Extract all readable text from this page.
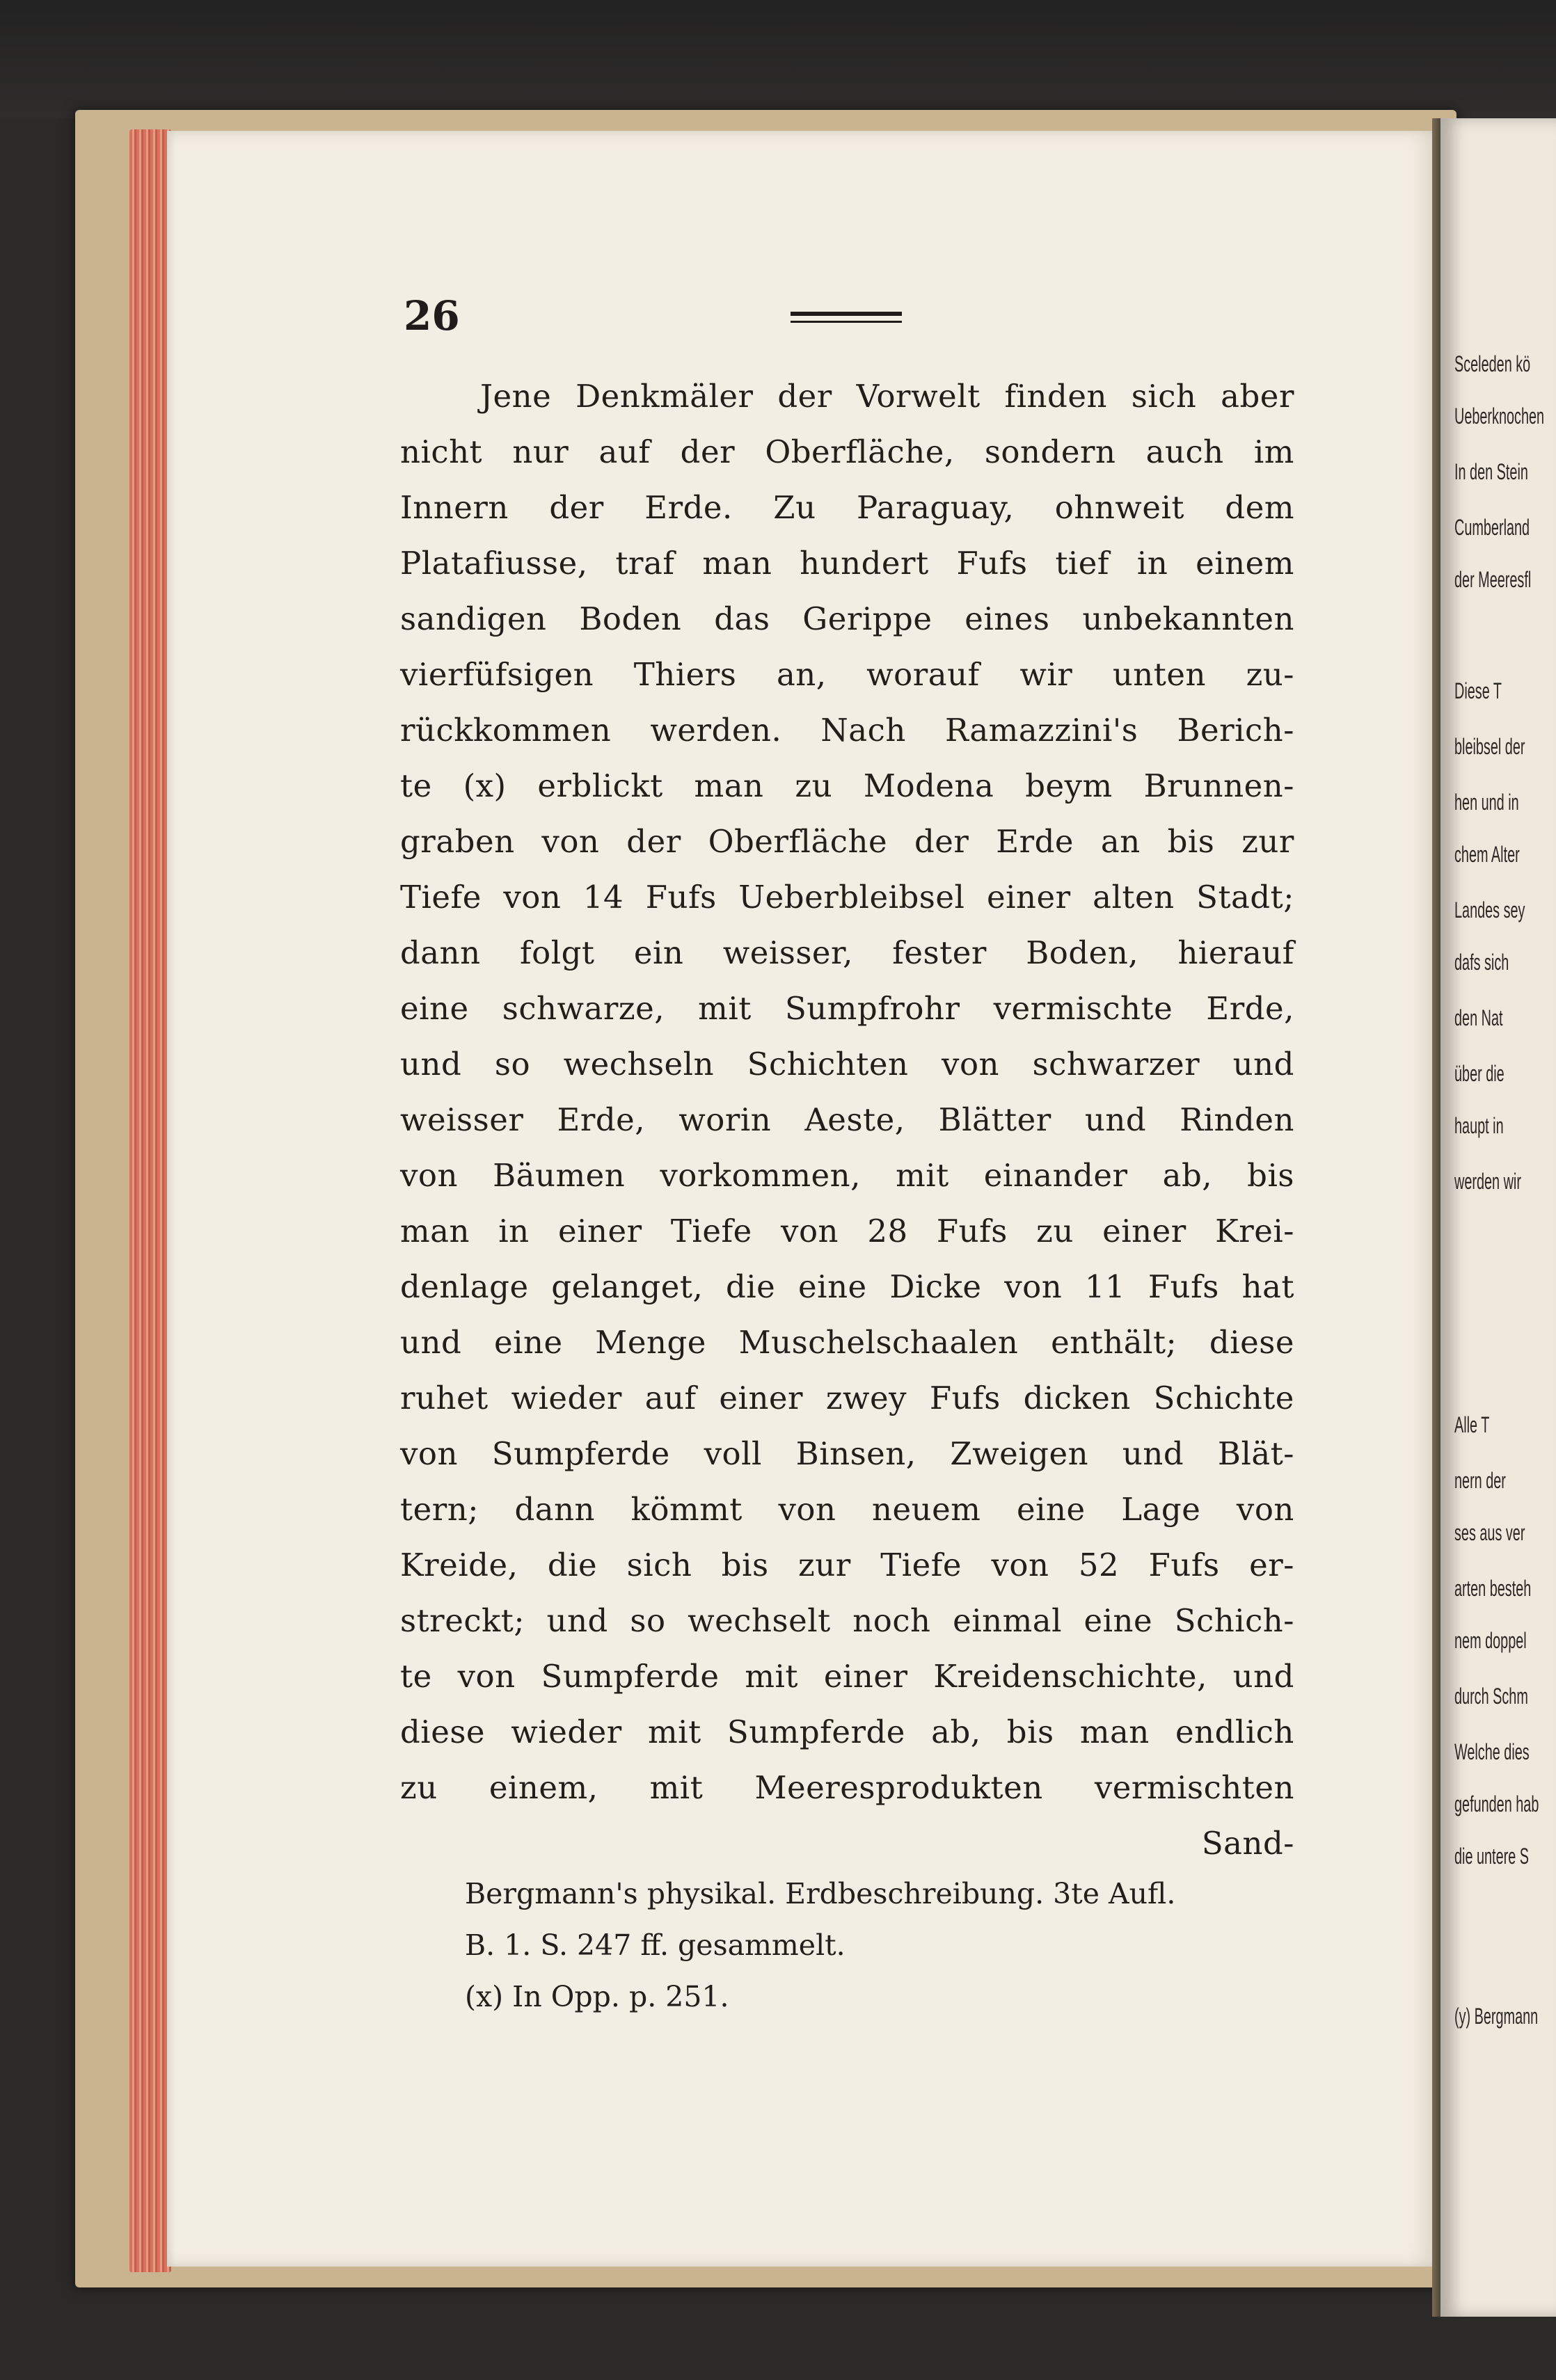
26
Jene Denkmäler der Vorwelt finden sich aber
nicht nur auf der Oberfläche, sondern auch im
Innern der Erde. Zu Paraguay, ohnweit dem
Platafiusse, traf man hundert Fufs tief in einem
sandigen Boden das Gerippe eines unbekannten
vierfüfsigen Thiers an, worauf wir unten zu-
rückkommen werden. Nach Ramazzini's Berich-
te (x) erblickt man zu Modena beym Brunnen-
graben von der Oberfläche der Erde an bis zur
Tiefe von 14 Fufs Ueberbleibsel einer alten Stadt;
dann folgt ein weisser, fester Boden, hierauf
eine schwarze, mit Sumpfrohr vermischte Erde,
und so wechseln Schichten von schwarzer und
weisser Erde, worin Aeste, Blätter und Rinden
von Bäumen vorkommen, mit einander ab, bis
man in einer Tiefe von 28 Fufs zu einer Krei-
denlage gelanget, die eine Dicke von 11 Fufs hat
und eine Menge Muschelschaalen enthält; diese
ruhet wieder auf einer zwey Fufs dicken Schichte
von Sumpferde voll Binsen, Zweigen und Blät-
tern; dann kömmt von neuem eine Lage von
Kreide, die sich bis zur Tiefe von 52 Fufs er-
streckt; und so wechselt noch einmal eine Schich-
te von Sumpferde mit einer Kreidenschichte, und
diese wieder mit Sumpferde ab, bis man endlich
zu einem, mit Meeresprodukten vermischten
Sand-
Bergmann's physikal. Erdbeschreibung. 3te Aufl.
B. 1. S. 247 ff. gesammelt.
(x) In Opp. p. 251.
Sceleden kö
Ueberknochen
In den Stein
Cumberland
der Meeresfl
Diese T
bleibsel der
hen und in
chem Alter
Landes sey
dafs sich
den Nat
über die
haupt in
werden wir
Alle T
nern der
ses aus ver
arten besteh
nem doppel
durch Schm
Welche dies
gefunden hab
die untere S
(y) Bergmann
